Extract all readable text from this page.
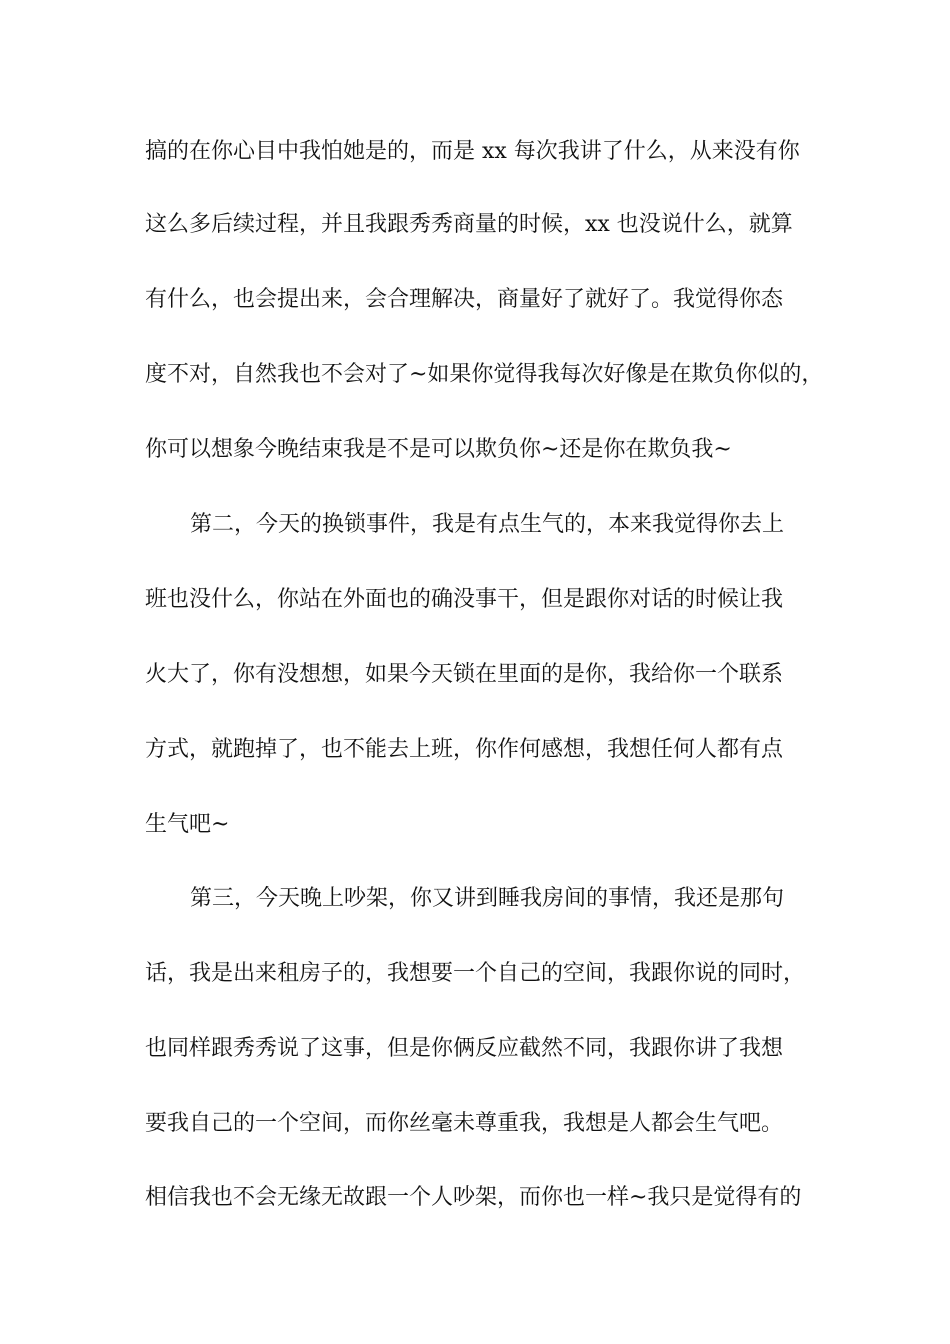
搞的在你心目中我怕她是的，而是 xx 每次我讲了什么，从来没有你
这么多后续过程，并且我跟秀秀商量的时候，xx 也没说什么，就算
有什么，也会提出来，会合理解决，商量好了就好了。我觉得你态
度不对，自然我也不会对了~如果你觉得我每次好像是在欺负你似的，
你可以想象今晚结束我是不是可以欺负你~还是你在欺负我~
第二，今天的换锁事件，我是有点生气的，本来我觉得你去上
班也没什么，你站在外面也的确没事干，但是跟你对话的时候让我
火大了，你有没想想，如果今天锁在里面的是你，我给你一个联系
方式，就跑掉了，也不能去上班，你作何感想，我想任何人都有点
生气吧~
第三，今天晚上吵架，你又讲到睡我房间的事情，我还是那句
话，我是出来租房子的，我想要一个自己的空间，我跟你说的同时，
也同样跟秀秀说了这事，但是你俩反应截然不同，我跟你讲了我想
要我自己的一个空间，而你丝毫未尊重我，我想是人都会生气吧。
相信我也不会无缘无故跟一个人吵架，而你也一样~我只是觉得有的
